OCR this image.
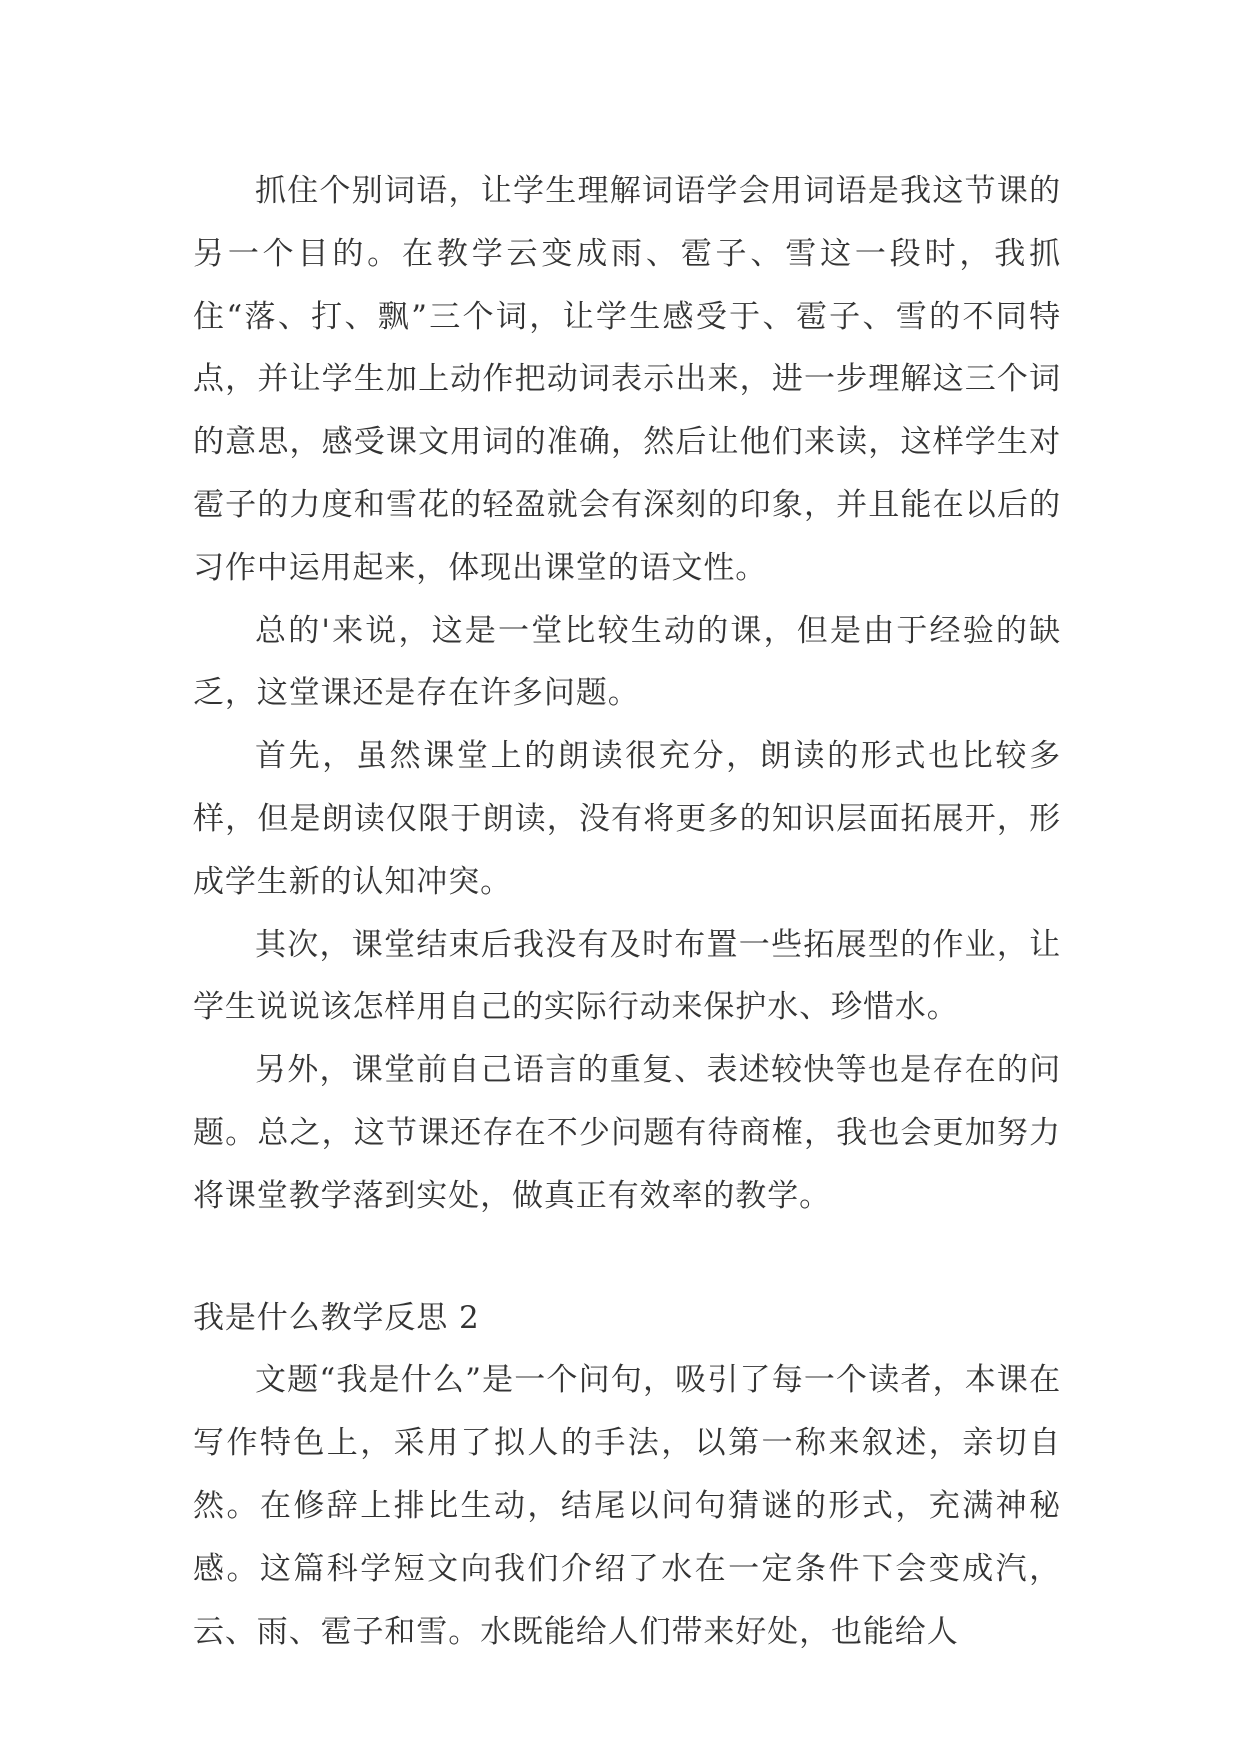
抓住个别词语，让学生理解词语学会用词语是我这节课的另一个目的。在教学云变成雨、雹子、雪这一段时，我抓住“落、打、飘”三个词，让学生感受于、雹子、雪的不同特点，并让学生加上动作把动词表示出来，进一步理解这三个词的意思，感受课文用词的准确，然后让他们来读，这样学生对雹子的力度和雪花的轻盈就会有深刻的印象，并且能在以后的习作中运用起来，体现出课堂的语文性。

总的'来说，这是一堂比较生动的课，但是由于经验的缺乏，这堂课还是存在许多问题。

首先，虽然课堂上的朗读很充分，朗读的形式也比较多样，但是朗读仅限于朗读，没有将更多的知识层面拓展开，形成学生新的认知冲突。

其次，课堂结束后我没有及时布置一些拓展型的作业，让学生说说该怎样用自己的实际行动来保护水、珍惜水。

另外，课堂前自己语言的重复、表述较快等也是存在的问题。总之，这节课还存在不少问题有待商榷，我也会更加努力将课堂教学落到实处，做真正有效率的教学。

我是什么教学反思 2

文题“我是什么”是一个问句，吸引了每一个读者，本课在写作特色上，采用了拟人的手法，以第一称来叙述，亲切自然。在修辞上排比生动，结尾以问句猜谜的形式，充满神秘感。这篇科学短文向我们介绍了水在一定条件下会变成汽，云、雨、雹子和雪。水既能给人们带来好处，也能给人
